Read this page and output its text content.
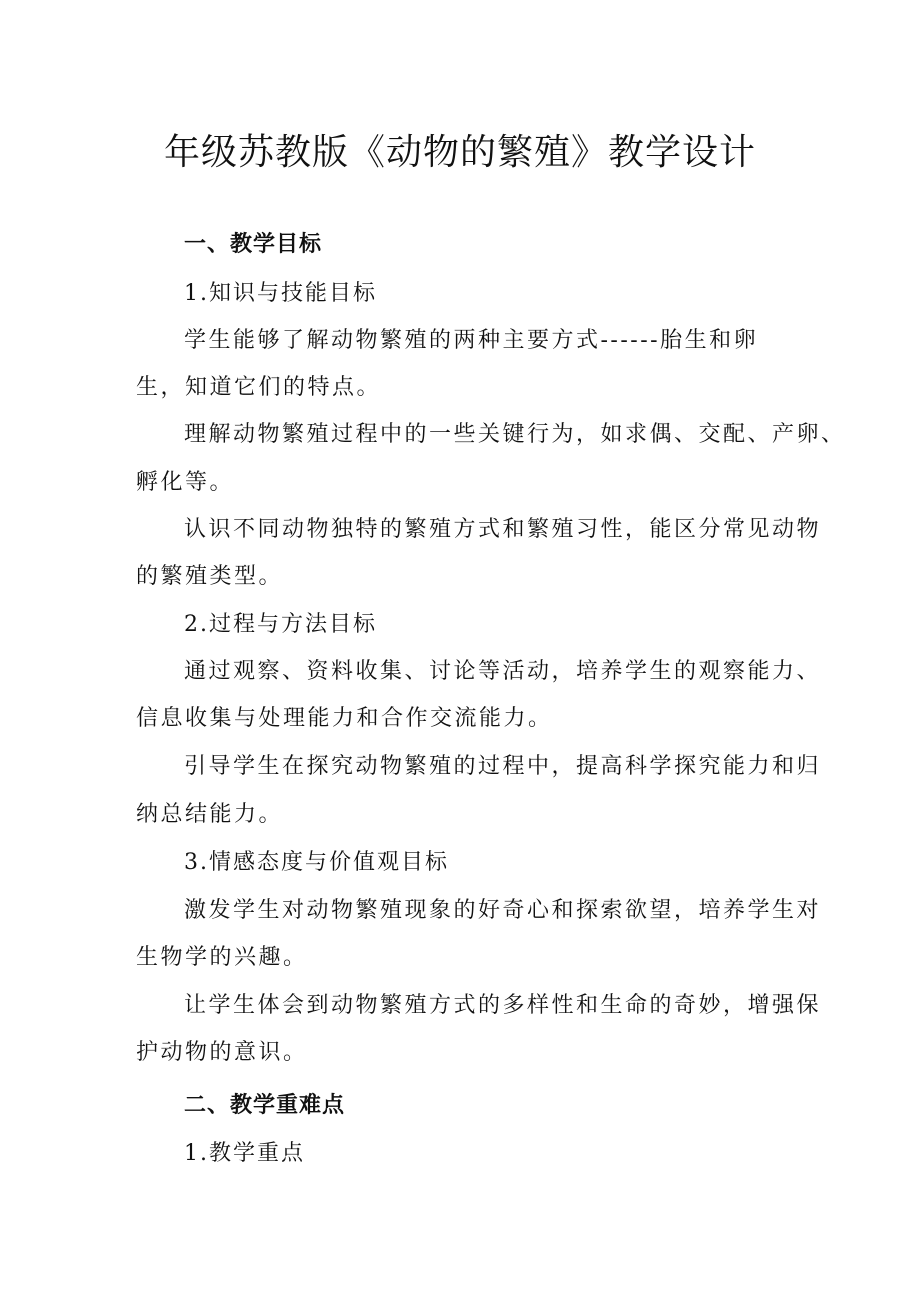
年级苏教版《动物的繁殖》教学设计
一、教学目标
1.知识与技能目标
学生能够了解动物繁殖的两种主要方式------胎生和卵
生，知道它们的特点。
理解动物繁殖过程中的一些关键行为，如求偶、交配、产卵、
孵化等。
认识不同动物独特的繁殖方式和繁殖习性，能区分常见动物
的繁殖类型。
2.过程与方法目标
通过观察、资料收集、讨论等活动，培养学生的观察能力、
信息收集与处理能力和合作交流能力。
引导学生在探究动物繁殖的过程中，提高科学探究能力和归
纳总结能力。
3.情感态度与价值观目标
激发学生对动物繁殖现象的好奇心和探索欲望，培养学生对
生物学的兴趣。
让学生体会到动物繁殖方式的多样性和生命的奇妙，增强保
护动物的意识。
二、教学重难点
1.教学重点
